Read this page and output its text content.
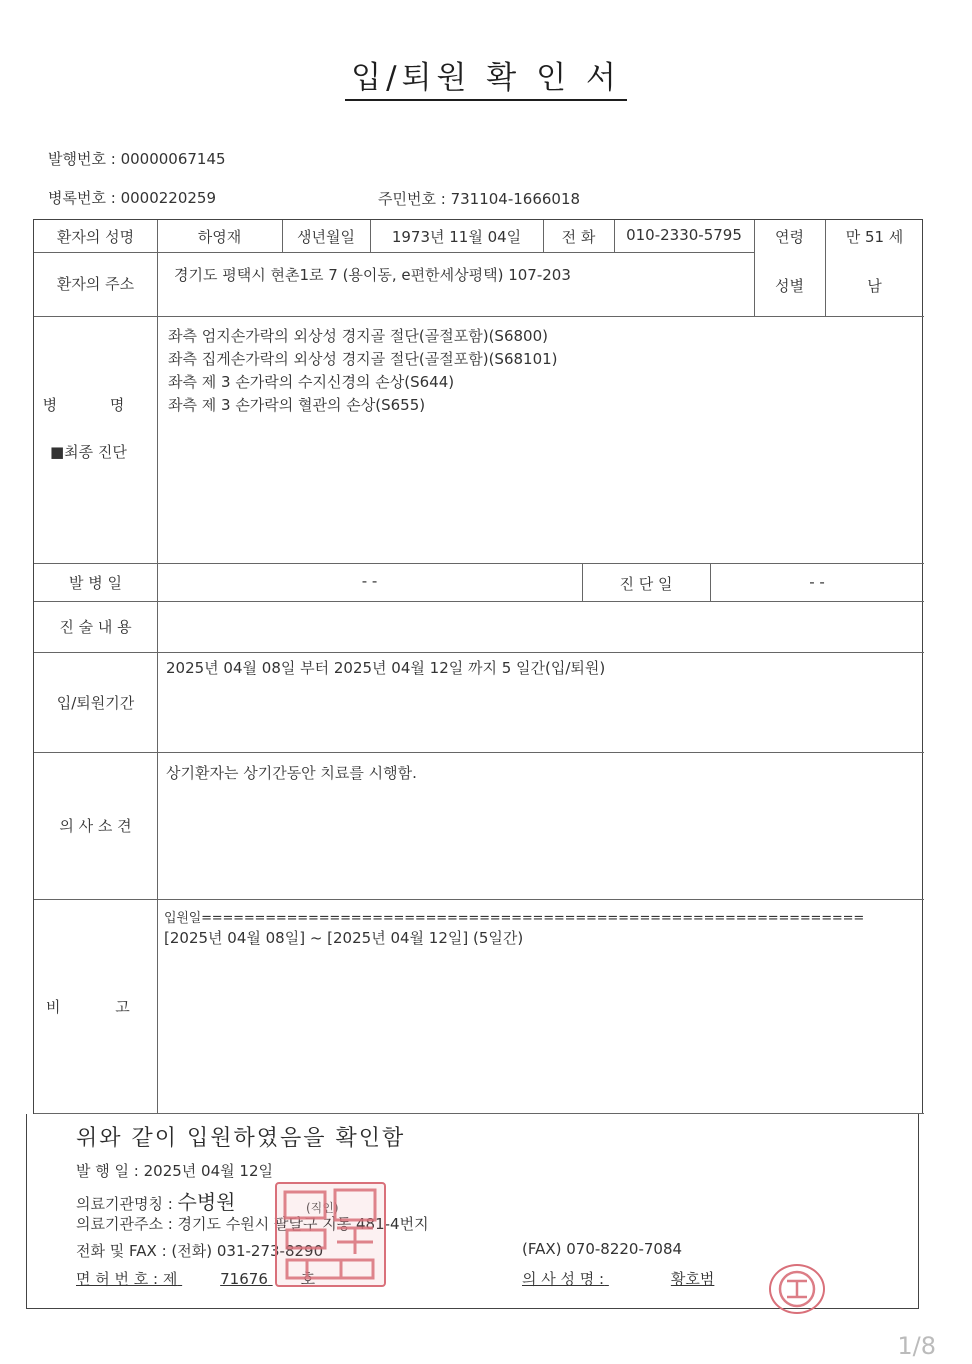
입/퇴원 확 인 서
발행번호 : 00000067145
병록번호 : 0000220259	주민번호 : 731104-1666018
환자의 성명	하영재	생년월일	1973년 11월 04일	전 화	010-2330-5795	연령	만 51 세
환자의 주소	경기도 평택시 현촌1로 7 (용이동, e편한세상평택) 107-203
성별	남
병 명
■최종 진단
좌측 엄지손가락의 외상성 경지골 절단(골절포함)(S6800)
좌측 집게손가락의 외상성 경지골 절단(골절포함)(S68101)
좌측 제 3 손가락의 수지신경의 손상(S644)
좌측 제 3 손가락의 혈관의 손상(S655)
발 병 일	- -	진 단 일	- -
진 술 내 용
입/퇴원기간
2025년 04월 08일 부터 2025년 04월 12일 까지 5 일간(입/퇴원)
의 사 소 견
상기환자는 상기간동안 치료를 시행함.
비 고
입원일==============================================================
[2025년 04월 08일] ~ [2025년 04월 12일] (5일간)
위와 같이 입원하였음을 확인함
발 행 일 : 2025년 04월 12일
의료기관명칭 : 수병원	(직인)
의료기관주소 : 경기도 수원시 팔달구 지동 481-4번지
전화 및 FAX : (전화) 031-273-8290	(FAX) 070-8220-7084
면 허 번 호 : 제	71676 호	의 사 성 명 :	황호범
1/8
